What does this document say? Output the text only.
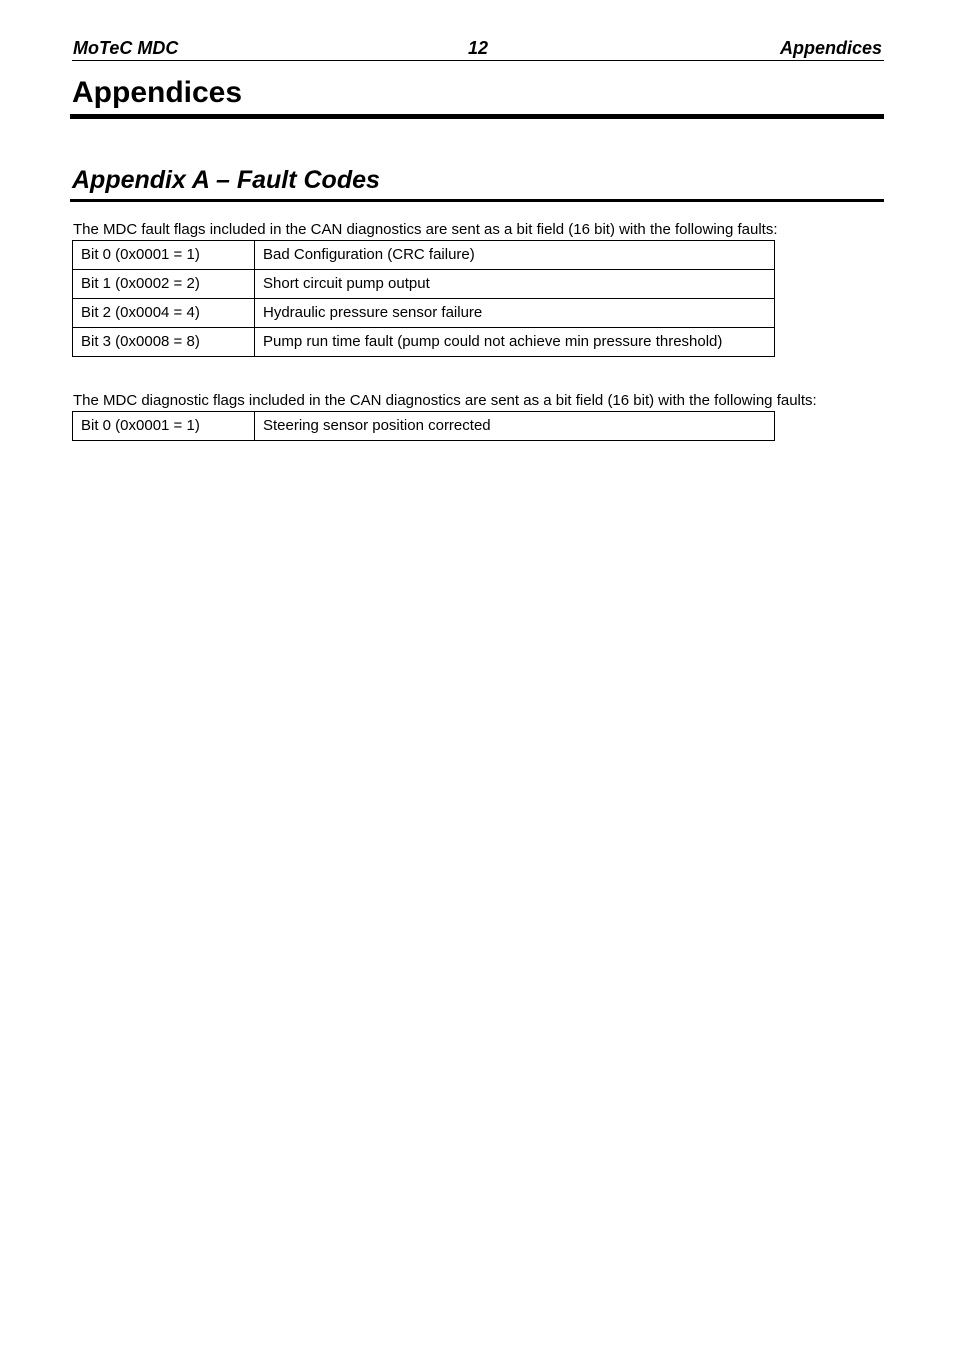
MoTeC MDC	12	Appendices
Appendices
Appendix A – Fault Codes
The MDC fault flags included in the CAN diagnostics are sent as a bit field (16 bit) with the following faults:
Bit 0 (0x0001 = 1)	Bad Configuration (CRC failure)
Bit 1 (0x0002 = 2)	Short circuit pump output
Bit 2 (0x0004 = 4)	Hydraulic pressure sensor failure
Bit 3 (0x0008 = 8)	Pump run time fault (pump could not achieve min pressure threshold)
The MDC diagnostic flags included in the CAN diagnostics are sent as a bit field (16 bit) with the following faults:
Bit 0 (0x0001 = 1)	Steering sensor position corrected
